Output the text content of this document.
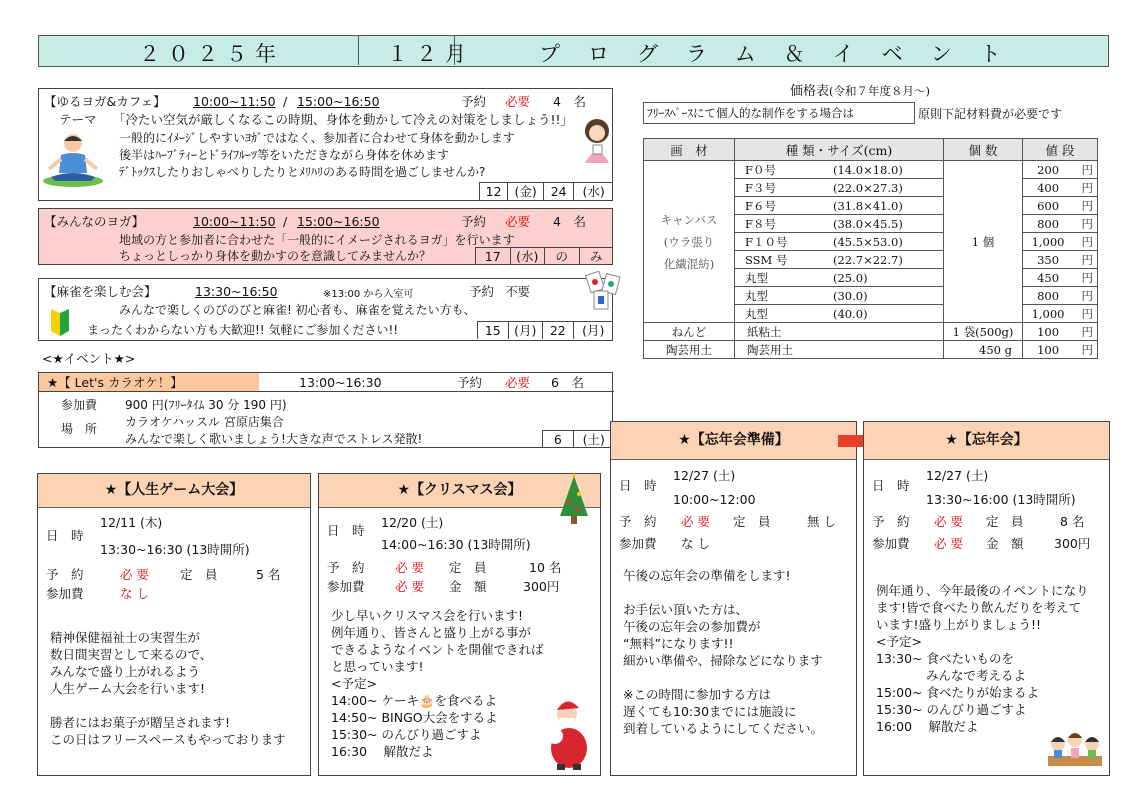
２０２５年	１２月	プログラム＆イベント
【ゆるヨガ&カフェ】 10:00~11:50 / 15:00~16:50	予約 必要 4　名
テーマ 「冷たい空気が厳しくなるこの時期、身体を動かして冷えの対策をしましょう!!」
一般的にｲﾒｰｼﾞしやすいﾖｶﾞではなく、参加者に合わせて身体を動かします
後半はﾊｰﾌﾞﾃｨｰとﾄﾞﾗｲﾌﾙｰﾂ等をいただきながら身体を休めます
ﾃﾞﾄｯｸｽしたりおしゃべりしたりとﾒﾘﾊﾘのある時間を過ごしませんか?
12	(金)	24	(水)
【みんなのヨガ】	10:00~11:50 / 15:00~16:50	予約 必要 4　名
地域の方と参加者に合わせた「一般的にイメージされるヨガ」を行います
ちょっとしっかり身体を動かすのを意識してみませんか？	17	(水)	の	み
【麻雀を楽しむ会】	13:30~16:50	※13:00 から入室可	予約 不要
みんなで楽しくのびのびと麻雀! 初心者も、麻雀を覚えたい方も、
まったくわからない方も大歓迎!! 気軽にご参加ください!!	15	(月)	22	(月)
<★イベント★>
★【 Let's カラオケ！】	13:00~16:30	予約 必要 6　名
参加費 900 円(ﾌﾘｰﾀｲﾑ 30 分 190 円)
場　所 カラオケハッスル 宮原店集合
みんなで楽しく歌いましょう!大きな声でストレス発散!	6	(土)
価格表(令和７年度８月～)
ﾌﾘｰｽﾍﾟｰｽにて個人的な制作をする場合は	原則下記材料費が必要です
画　材	種 類・サイズ(cm)		個 数	値 段	

キャンバス
(ウラ張り
化繊混紡)	F０号	(14.0×18.0)	1 個	200	円
	F３号	(22.0×27.3)		400	円
	F６号	(31.8×41.0)		600	円
	F８号	(38.0×45.5)		800	円
	F１０号	(45.5×53.0)		1,000	円
	SSM 号	(22.7×22.7)		350	円
	丸型	(25.0)		450	円
	丸型	(30.0)		800	円
	丸型	(40.0)		1,000	円
ねんど	紙粘土		1 袋(500g)	100	円
陶芸用土	陶芸用土		450 g	100	円
★【人生ゲーム大会】
12/11 (木)
日　時
13:30~16:30 (13時開所)
予　約	必 要 定　員	5 名
参加費	な し
精神保健福祉士の実習生が
数日間実習として来るので、
みんなで盛り上がれるよう
人生ゲーム大会を行います!
勝者にはお菓子が贈呈されます!
この日はフリースペースもやっております
★【クリスマス会】
12/20 (土)
日　時
14:00~16:30 (13時開所)
予　約 必 要 定　員	10 名
参加費 必 要 金　額	300円
少し早いクリスマス会を行います!
例年通り、皆さんと盛り上がる事が
できるようなイベントを開催できれば
と思っています!
<予定>
14:00~ ケーキ🎂を食べるよ
14:50~ BINGO大会をするよ
15:30~ のんびり過ごすよ
16:30　 解散だよ
★【忘年会準備】
12/27 (土)
日　時
10:00~12:00
予　約 必 要 定　員	無 し
参加費 な し
午後の忘年会の準備をします!
お手伝い頂いた方は、
午後の忘年会の参加費が
“無料”になります!!
細かい準備や、掃除などになります
※この時間に参加する方は
遅くても10:30までには施設に
到着しているようにしてください。
★【忘年会】
12/27 (土)
日　時
13:30~16:00 (13時開所)
予　約 必 要 定　員	8 名
参加費 必 要 金　額 300円
例年通り、今年最後のイベントになり
ます!皆で食べたり飲んだりを考えて
います!盛り上がりましょう!!
<予定>
13:30~ 食べたいものを
　　　　みんなで考えるよ
15:00~ 食べたりが始まるよ
15:30~ のんびり過ごすよ
16:00　 解散だよ
